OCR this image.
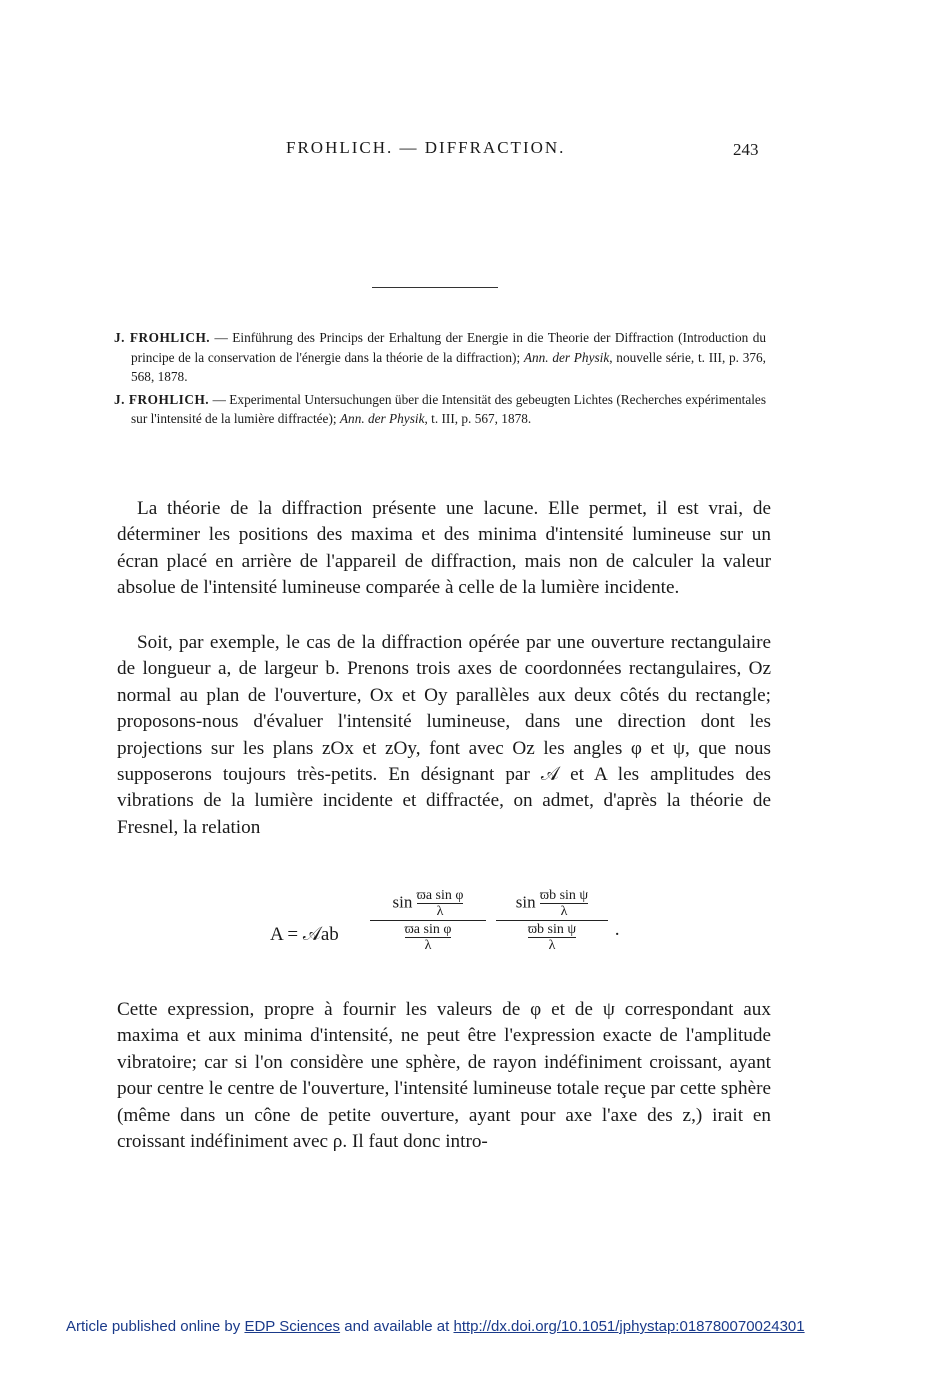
FROHLICH. — DIFFRACTION.	243

J. FROHLICH. — Einführung des Princips der Erhaltung der Energie in die Theorie der Diffraction (Introduction du principe de la conservation de l'énergie dans la théorie de la diffraction); Ann. der Physik, nouvelle série, t. III, p. 376, 568, 1878.

J. FROHLICH. — Experimental Untersuchungen über die Intensität des gebeugten Lichtes (Recherches expérimentales sur l'intensité de la lumière diffractée); Ann. der Physik, t. III, p. 567, 1878.

La théorie de la diffraction présente une lacune. Elle permet, il est vrai, de déterminer les positions des maxima et des minima d'intensité lumineuse sur un écran placé en arrière de l'appareil de diffraction, mais non de calculer la valeur absolue de l'intensité lumineuse comparée à celle de la lumière incidente.
Soit, par exemple, le cas de la diffraction opérée par une ouverture rectangulaire de longueur a, de largeur b. Prenons trois axes de coordonnées rectangulaires, Oz normal au plan de l'ouverture, Ox et Oy parallèles aux deux côtés du rectangle; proposons-nous d'évaluer l'intensité lumineuse, dans une direction dont les projections sur les plans zOx et zOy, font avec Oz les angles φ et ψ, que nous supposerons toujours très-petits. En désignant par 𝒜 et A les amplitudes des vibrations de la lumière incidente et diffractée, on admet, d'après la théorie de Fresnel, la relation
A = 𝒜ab $\frac{\sin \frac{\text{ϖa sin φ}}{\lambda}}{\frac{\text{ϖa sin φ}}{\lambda}} \frac{\sin \frac{\text{ϖb sin ψ}}{\lambda}}{\frac{\text{ϖb sin ψ}}{\lambda}}$ ·
Cette expression, propre à fournir les valeurs de φ et de ψ correspondant aux maxima et aux minima d'intensité, ne peut être l'expression exacte de l'amplitude vibratoire; car si l'on considère une sphère, de rayon indéfiniment croissant, ayant pour centre le centre de l'ouverture, l'intensité lumineuse totale reçue par cette sphère (même dans un cône de petite ouverture, ayant pour axe l'axe des z,) irait en croissant indéfiniment avec ρ. Il faut donc intro-
Article published online by EDP Sciences and available at http://dx.doi.org/10.1051/jphystap:018780070024301
